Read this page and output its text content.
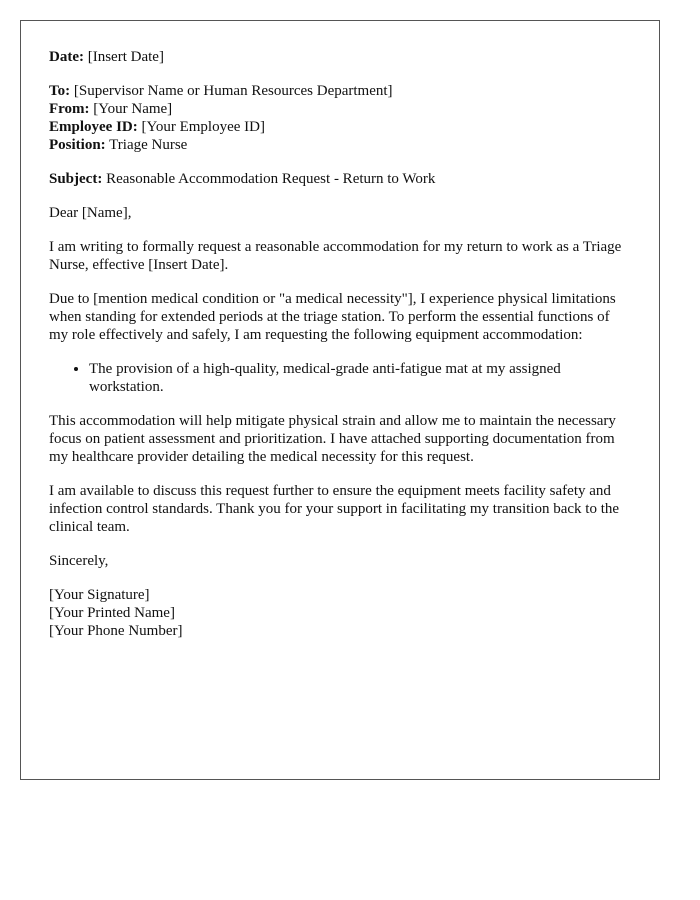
Date: [Insert Date]
To: [Supervisor Name or Human Resources Department]
From: [Your Name]
Employee ID: [Your Employee ID]
Position: Triage Nurse
Subject: Reasonable Accommodation Request - Return to Work

Dear [Name],

I am writing to formally request a reasonable accommodation for my return to work as a Triage Nurse, effective [Insert Date].

Due to [mention medical condition or "a medical necessity"], I experience physical limitations when standing for extended periods at the triage station. To perform the essential functions of my role effectively and safely, I am requesting the following equipment accommodation:

• The provision of a high-quality, medical-grade anti-fatigue mat at my assigned workstation.

This accommodation will help mitigate physical strain and allow me to maintain the necessary focus on patient assessment and prioritization. I have attached supporting documentation from my healthcare provider detailing the medical necessity for this request.

I am available to discuss this request further to ensure the equipment meets facility safety and infection control standards. Thank you for your support in facilitating my transition back to the clinical team.

Sincerely,

[Your Signature]
[Your Printed Name]
[Your Phone Number]
